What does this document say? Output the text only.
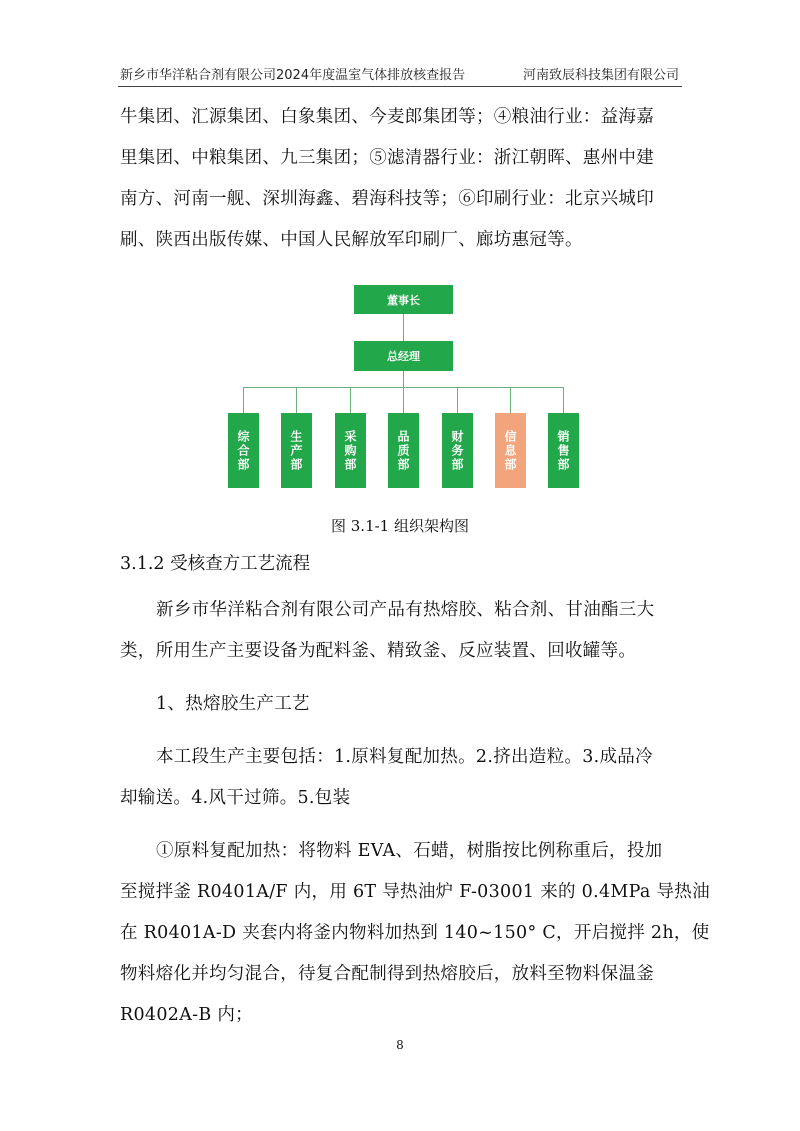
新乡市华洋粘合剂有限公司2024年度温室气体排放核查报告	河南致辰科技集团有限公司
牛集团、汇源集团、白象集团、今麦郎集团等；④粮油行业：益海嘉
里集团、中粮集团、九三集团；⑤滤清器行业：浙江朝晖、惠州中建
南方、河南一舰、深圳海鑫、碧海科技等；⑥印刷行业：北京兴城印
刷、陕西出版传媒、中国人民解放军印刷厂、廊坊惠冠等。
董事长
总经理
综合部	生产部	采购部	品质部	财务部	信息部	销售部
图 3.1-1 组织架构图
3.1.2 受核查方工艺流程
新乡市华洋粘合剂有限公司产品有热熔胶、粘合剂、甘油酯三大
类，所用生产主要设备为配料釜、精致釜、反应装置、回收罐等。
1、热熔胶生产工艺
本工段生产主要包括：1.原料复配加热。2.挤出造粒。3.成品冷
却输送。4.风干过筛。5.包装
①原料复配加热：将物料 EVA、石蜡，树脂按比例称重后，投加
至搅拌釜 R0401A/F 内，用 6T 导热油炉 F-03001 来的 0.4MPa 导热油
在 R0401A-D 夹套内将釜内物料加热到 140~150° C，开启搅拌 2h，使
物料熔化并均匀混合，待复合配制得到热熔胶后，放料至物料保温釜
R0402A-B 内；
8
